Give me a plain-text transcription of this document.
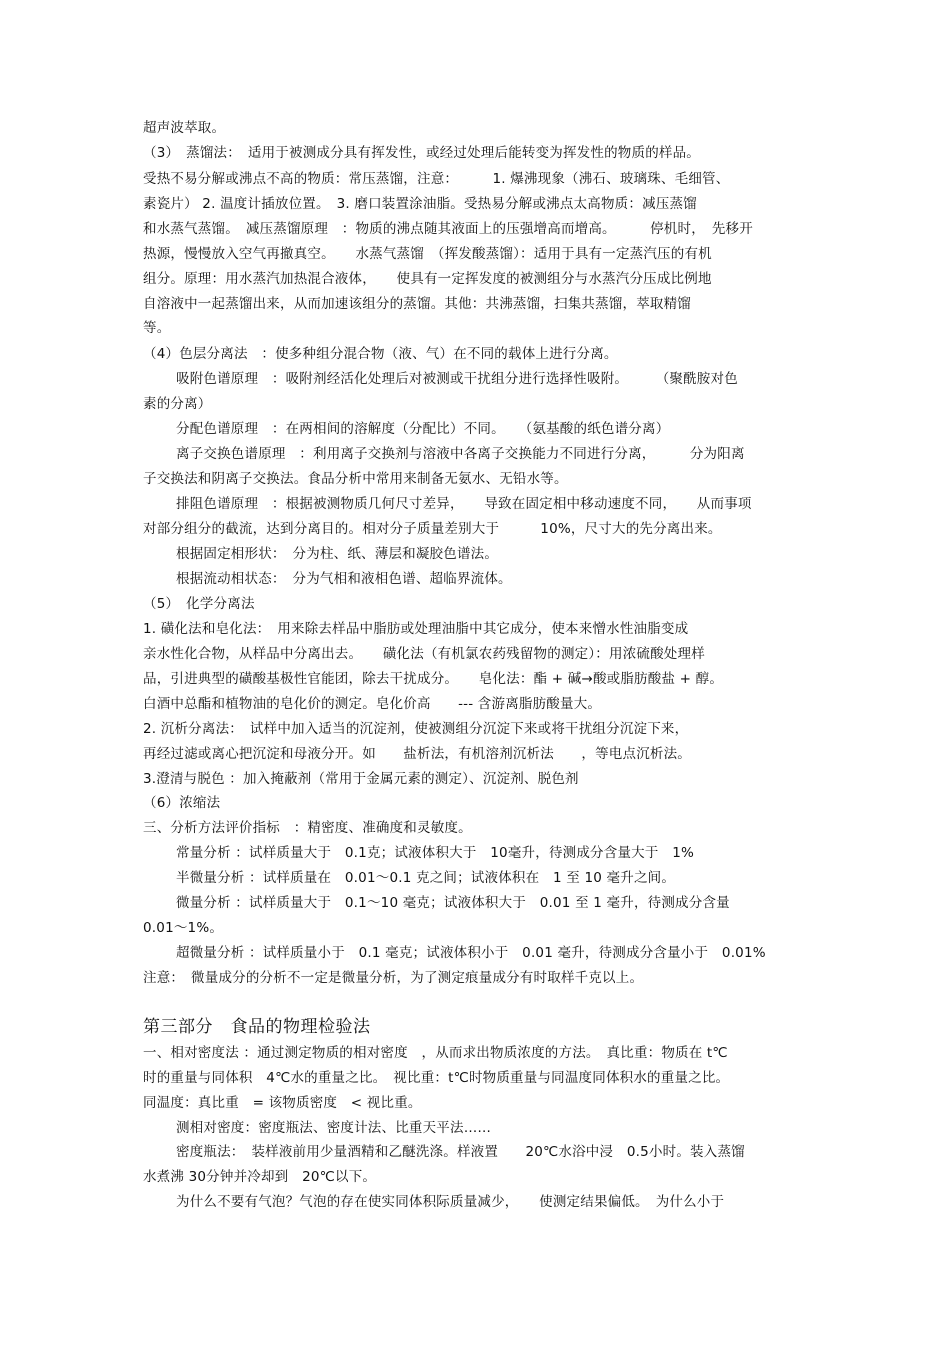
超声波萃取。
（3）　蒸馏法：　适用于被测成分具有挥发性，或经过处理后能转变为挥发性的物质的样品。
受热不易分解或沸点不高的物质：常压蒸馏，注意：　　　1. 爆沸现象（沸石、玻璃珠、毛细管、
素瓷片） 2. 温度计插放位置。　3. 磨口装置涂油脂。受热易分解或沸点太高物质：减压蒸馏
和水蒸气蒸馏。　减压蒸馏原理　：物质的沸点随其液面上的压强增高而增高。　　　停机时，　先移开
热源，慢慢放入空气再撤真空。　　水蒸气蒸馏　（挥发酸蒸馏）：适用于具有一定蒸汽压的有机
组分。原理：用水蒸汽加热混合液体，　　使具有一定挥发度的被测组分与水蒸汽分压成比例地
自溶液中一起蒸馏出来，从而加速该组分的蒸馏。其他：共沸蒸馏，扫集共蒸馏，萃取精馏
等。
（4）色层分离法　：使多种组分混合物（液、气）在不同的载体上进行分离。
吸附色谱原理　：吸附剂经活化处理后对被测或干扰组分进行选择性吸附。　　　（聚酰胺对色
素的分离）
分配色谱原理　：在两相间的溶解度（分配比）不同。　　（氨基酸的纸色谱分离）
离子交换色谱原理　：利用离子交换剂与溶液中各离子交换能力不同进行分离，　　　分为阳离
子交换法和阴离子交换法。食品分析中常用来制备无氨水、无铅水等。
排阻色谱原理　：根据被测物质几何尺寸差异，　　导致在固定相中移动速度不同，　　从而事项
对部分组分的截流，达到分离目的。相对分子质量差别大于　　　10%，尺寸大的先分离出来。
根据固定相形状：　分为柱、纸、薄层和凝胶色谱法。
根据流动相状态：　分为气相和液相色谱、超临界流体。
（5）　化学分离法
1. 磺化法和皂化法：　用来除去样品中脂肪或处理油脂中其它成分，使本来憎水性油脂变成
亲水性化合物，从样品中分离出去。　　磺化法（有机氯农药残留物的测定）：用浓硫酸处理样
品，引进典型的磺酸基极性官能团，除去干扰成分。　　皂化法：酯 + 碱→酸或脂肪酸盐 + 醇。
白酒中总酯和植物油的皂化价的测定。皂化价高　　--- 含游离脂肪酸量大。
2. 沉析分离法：　试样中加入适当的沉淀剂，使被测组分沉淀下来或将干扰组分沉淀下来，
再经过滤或离心把沉淀和母液分开。如　　盐析法，有机溶剂沉析法　　，等电点沉析法。
3.澄清与脱色 ：加入掩蔽剂（常用于金属元素的测定）、沉淀剂、脱色剂
（6）浓缩法
三、分析方法评价指标　：精密度、准确度和灵敏度。
常量分析 ：试样质量大于　0.1克；试液体积大于　10毫升，待测成分含量大于　1%
半微量分析 ：试样质量在　0.01～0.1 克之间；试液体积在　1 至 10 毫升之间。
微量分析 ：试样质量大于　0.1～10 毫克；试液体积大于　0.01 至 1 毫升，待测成分含量
0.01～1%。
超微量分析 ：试样质量小于　0.1 毫克；试液体积小于　0.01 毫升，待测成分含量小于　0.01%
注意：　微量成分的分析不一定是微量分析，为了测定痕量成分有时取样千克以上。
第三部分　食品的物理检验法
一、相对密度法 ：通过测定物质的相对密度　，从而求出物质浓度的方法。　真比重：物质在 t℃
时的重量与同体积　4℃水的重量之比。　视比重：t℃时物质重量与同温度同体积水的重量之比。
同温度：真比重　= 该物质密度　< 视比重。
测相对密度：密度瓶法、密度计法、比重天平法……
密度瓶法：　装样液前用少量酒精和乙醚洗涤。样液置　　20℃水浴中浸　0.5小时。装入蒸馏
水煮沸 30分钟并冷却到　20℃以下。
为什么不要有气泡？气泡的存在使实同体积际质量减少，　　使测定结果偏低。　为什么小于
